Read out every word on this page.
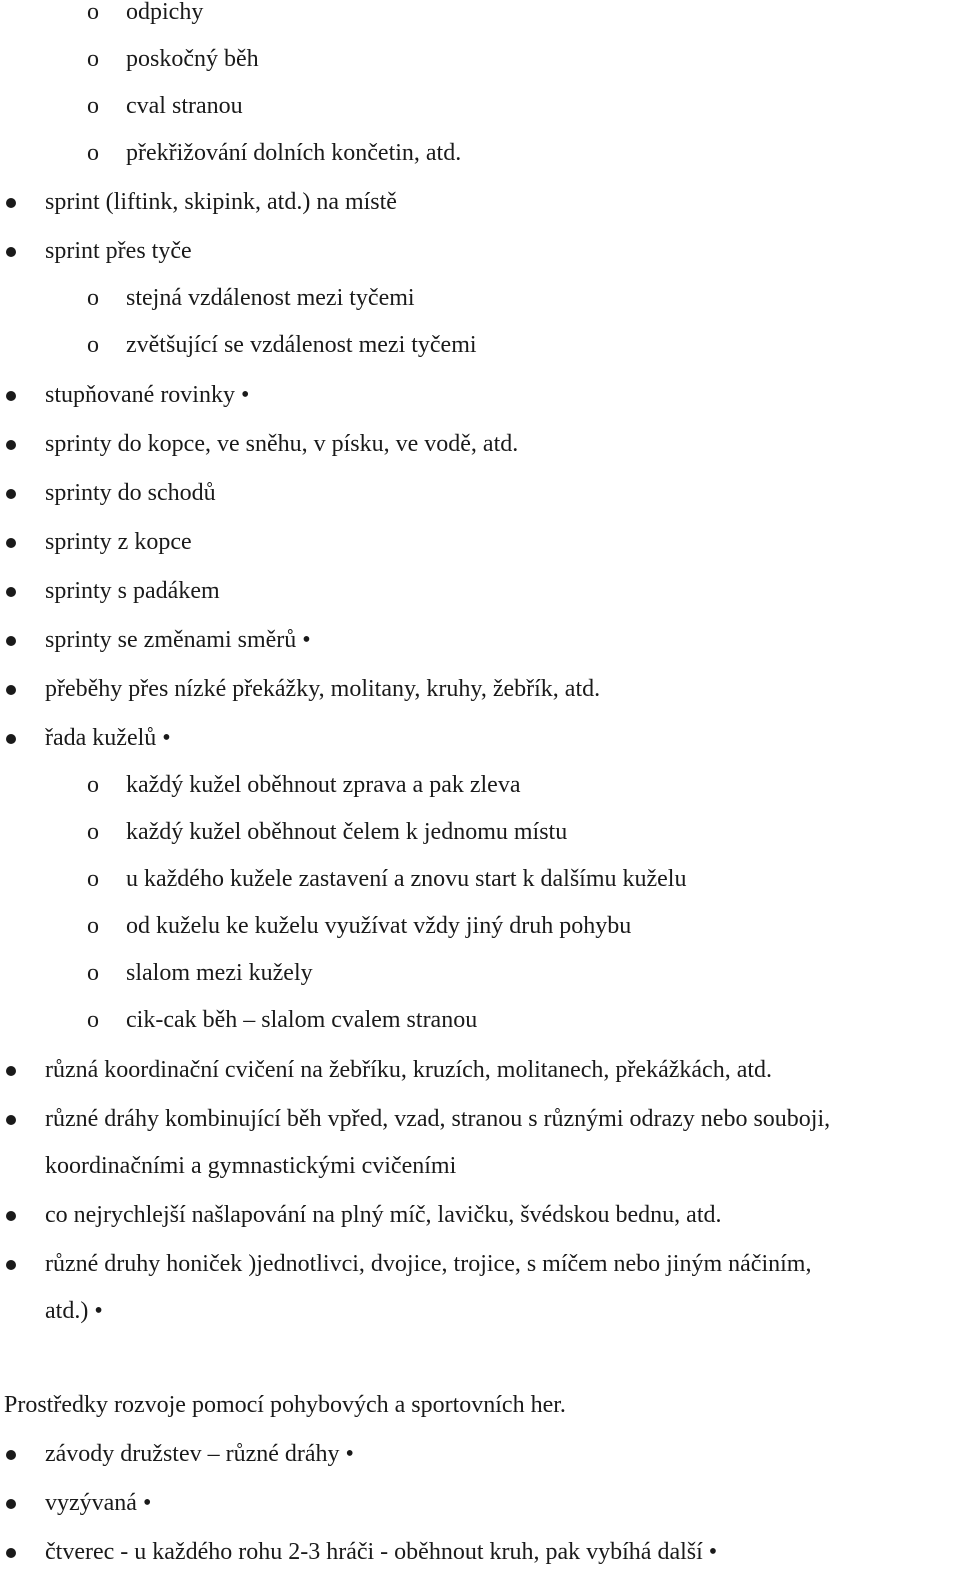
o odpichy
o poskočný běh
o cval stranou
o překřižování dolních končetin, atd.
sprint (liftink, skipink, atd.) na místě
sprint přes tyče
o stejná vzdálenost mezi tyčemi
o zvětšující se vzdálenost mezi tyčemi
stupňované rovinky •
sprinty do kopce, ve sněhu, v písku, ve vodě, atd.
sprinty do schodů
sprinty z kopce
sprinty s padákem
sprinty se změnami směrů •
přeběhy přes nízké překážky, molitany, kruhy, žebřík, atd.
řada kuželů •
o každý kužel oběhnout zprava a pak zleva
o každý kužel oběhnout čelem k jednomu místu
o u každého kužele zastavení a znovu start k dalšímu kuželu
o od kuželu ke kuželu využívat vždy jiný druh pohybu
o slalom mezi kužely
o cik-cak běh – slalom cvalem stranou
různá koordinační cvičení na žebříku, kruzích, molitanech, překážkách, atd.
různé dráhy kombinující běh vpřed, vzad, stranou s různými odrazy nebo souboji,
koordinačními a gymnastickými cvičeními
co nejrychlejší našlapování na plný míč, lavičku, švédskou bednu, atd.
různé druhy honiček )jednotlivci, dvojice, trojice, s míčem nebo jiným náčiním,
atd.) •
Prostředky rozvoje pomocí pohybových a sportovních her.
závody družstev – různé dráhy •
vyzývaná •
čtverec - u každého rohu 2-3 hráči - oběhnout kruh, pak vybíhá další •
